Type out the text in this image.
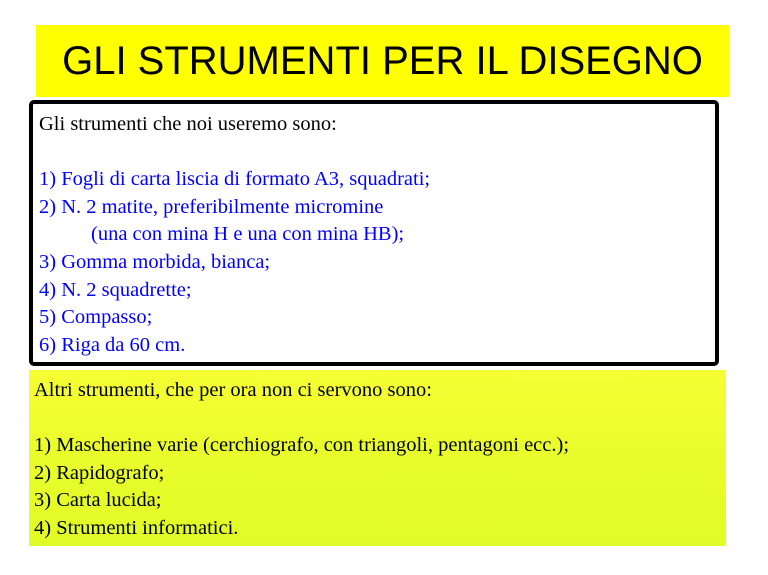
GLI STRUMENTI PER IL DISEGNO
Gli strumenti che noi useremo sono:
1) Fogli di carta liscia di formato A3, squadrati;
2) N. 2 matite, preferibilmente micromine
(una con mina H e una con mina HB);
3) Gomma morbida, bianca;
4) N. 2 squadrette;
5) Compasso;
6) Riga da 60 cm.
Altri strumenti, che per ora non ci servono sono:
1) Mascherine varie (cerchiografo, con triangoli, pentagoni ecc.);
2) Rapidografo;
3) Carta lucida;
4) Strumenti informatici.
